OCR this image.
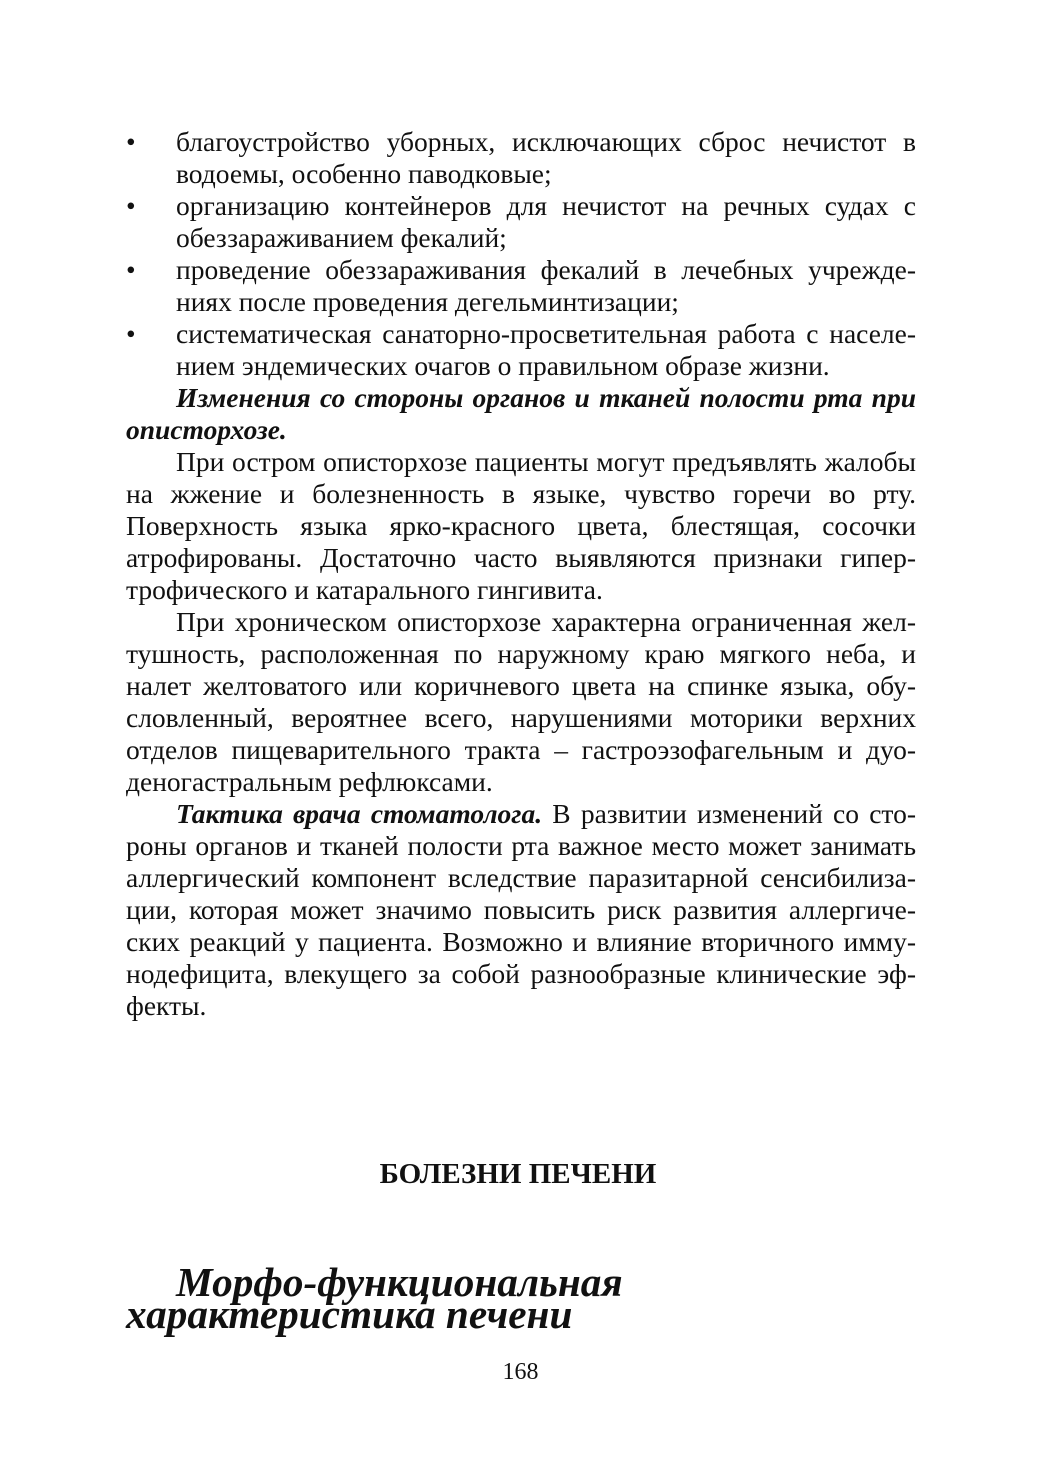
• благоустройство уборных, исключающих сброс нечистот в водоемы, особенно паводковые;
• организацию контейнеров для нечистот на речных судах с обеззараживанием фекалий;
• проведение обеззараживания фекалий в лечебных учреждениях после проведения дегельминтизации;
• систематическая санаторно-просветительная работа с населением эндемических очагов о правильном образе жизни.

Изменения со стороны органов и тканей полости рта при описторхозе.

При остром описторхозе пациенты могут предъявлять жалобы на жжение и болезненность в языке, чувство горечи во рту. Поверхность языка ярко-красного цвета, блестящая, сосочки атрофированы. Достаточно часто выявляются признаки гипертрофического и катарального гингивита.

При хроническом описторхозе характерна ограниченная желтушность, расположенная по наружному краю мягкого неба, и налет желтоватого или коричневого цвета на спинке языка, обусловленный, вероятнее всего, нарушениями моторики верхних отделов пищеварительного тракта – гастроэзофагельным и дуоденогастральным рефлюксами.

Тактика врача стоматолога. В развитии изменений со стороны органов и тканей полости рта важное место может занимать аллергический компонент вследствие паразитарной сенсибилизации, которая может значимо повысить риск развития аллергических реакций у пациента. Возможно и влияние вторичного иммунодефицита, влекущего за собой разнообразные клинические эффекты.

БОЛЕЗНИ ПЕЧЕНИ
Морфо-функциональная характеристика печени
168
